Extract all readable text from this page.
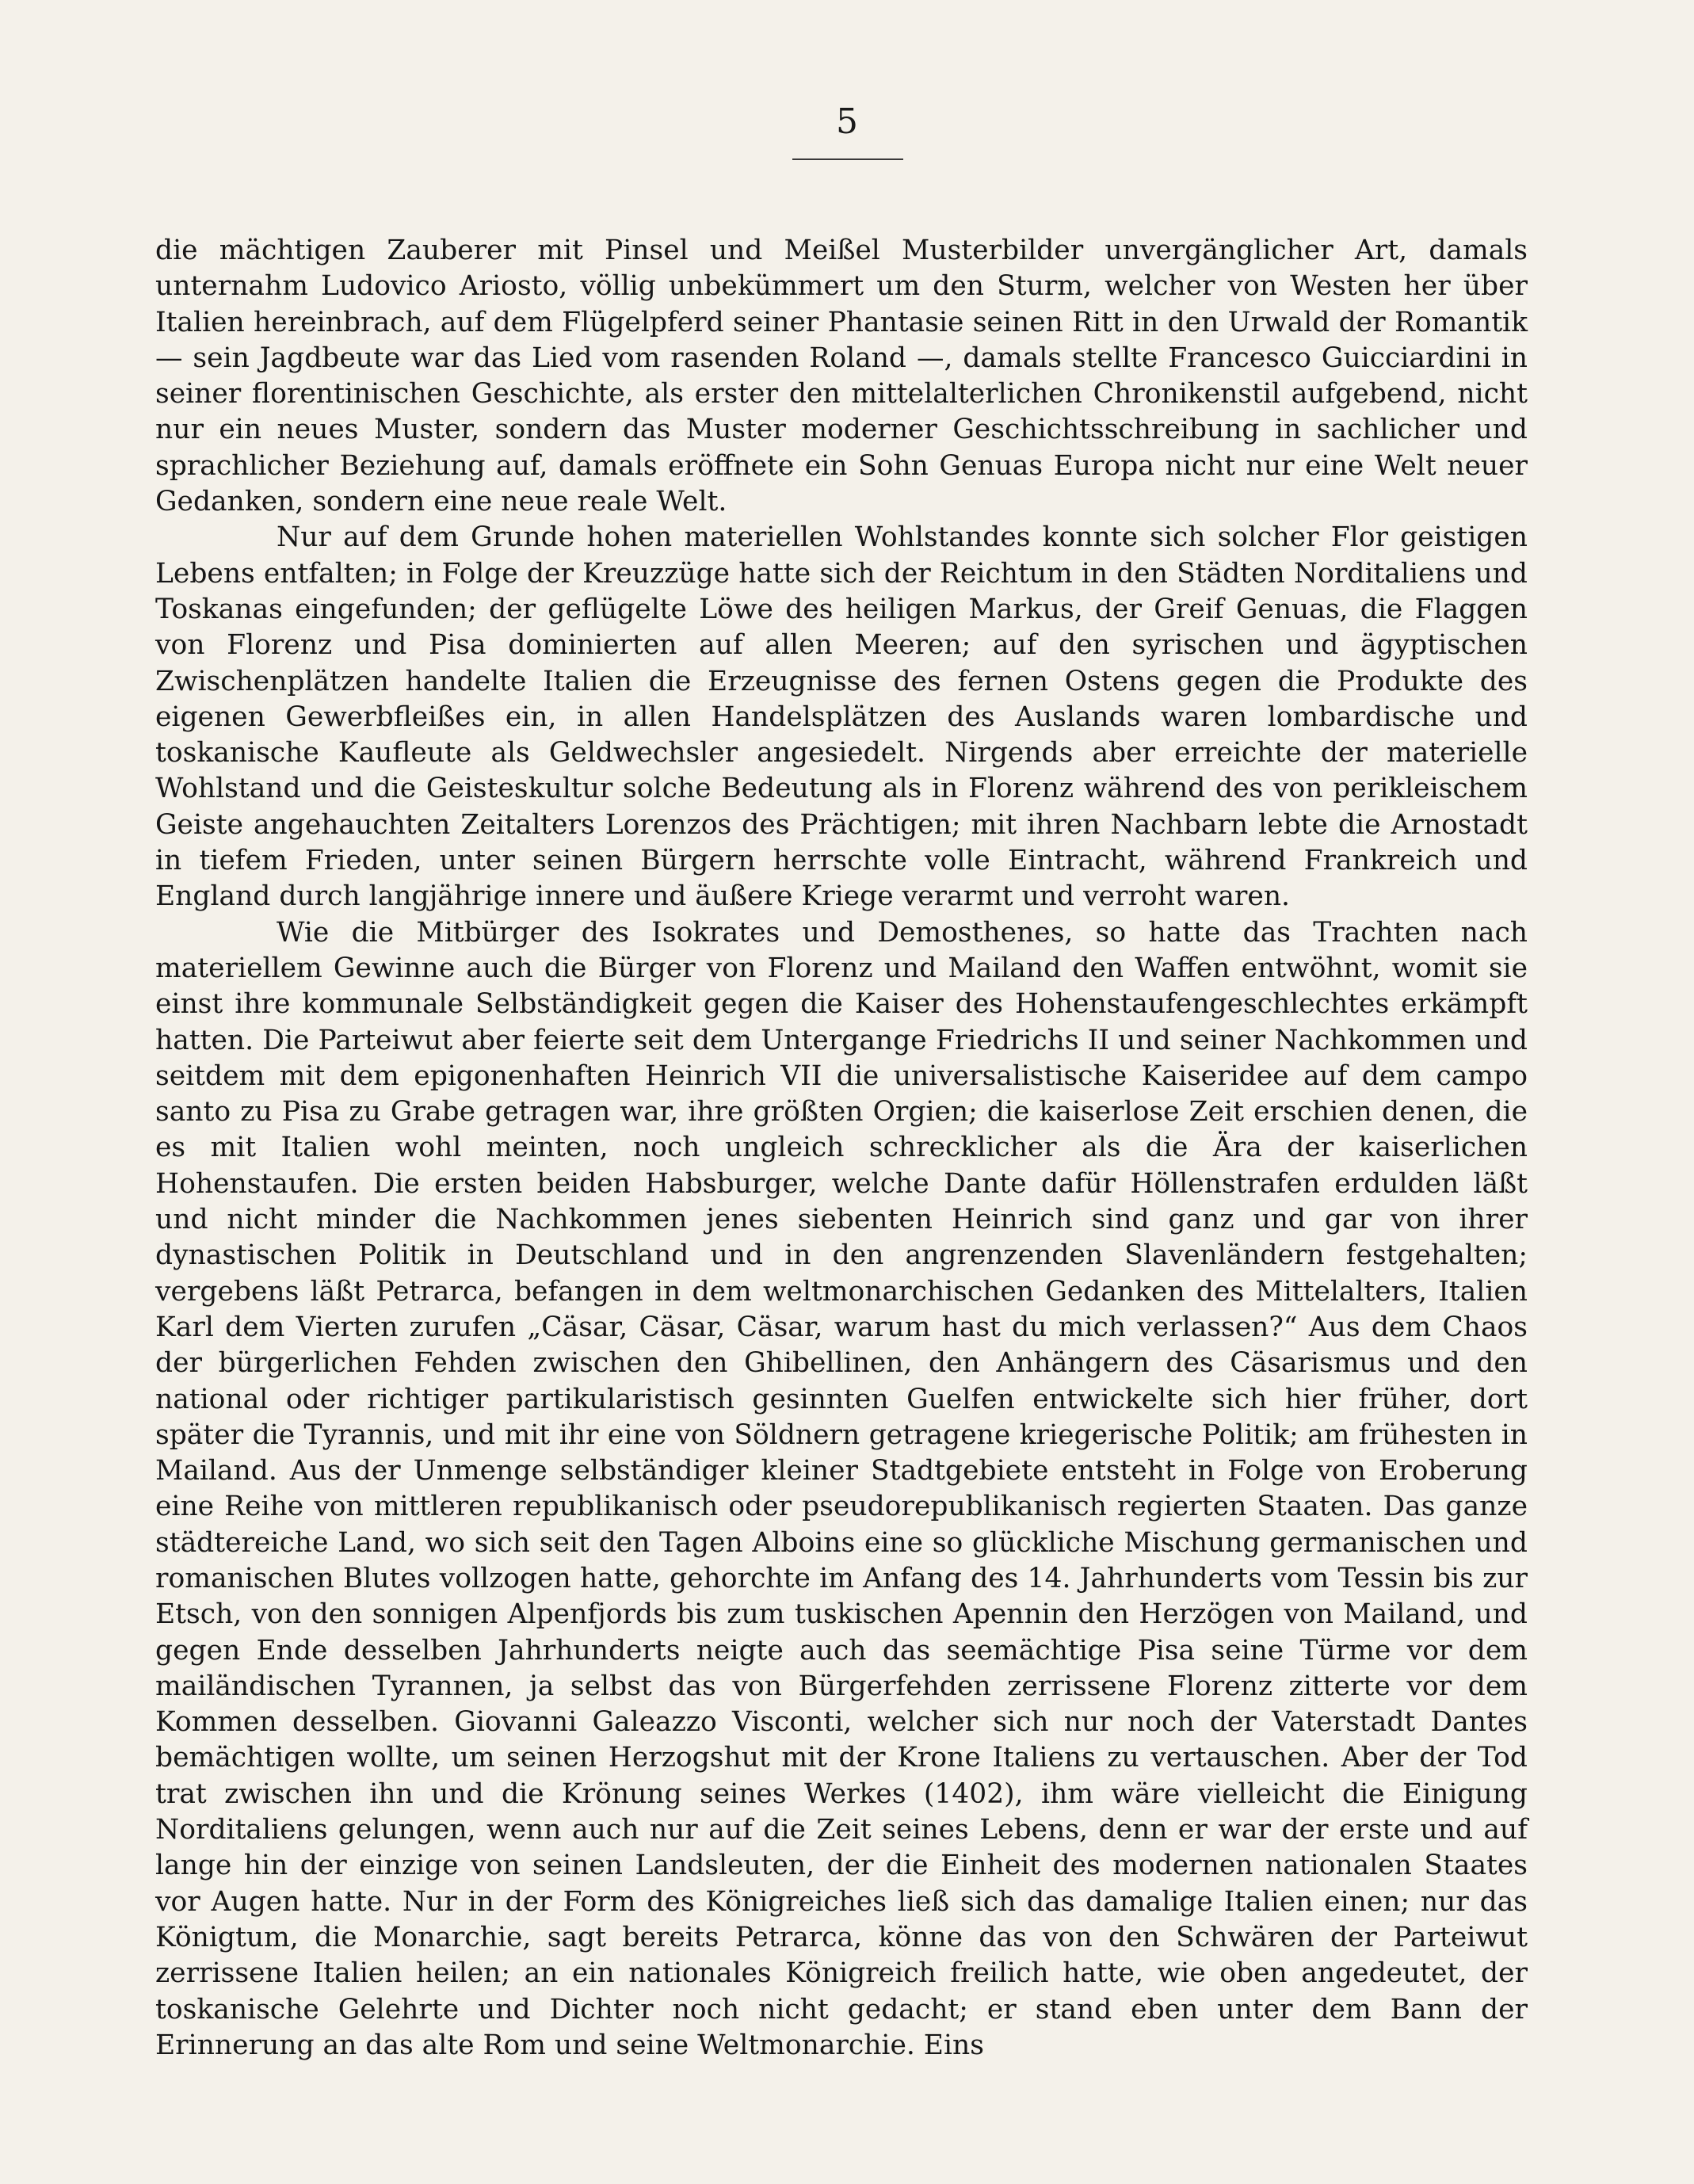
5

die mächtigen Zauberer mit Pinsel und Meißel Musterbilder unvergänglicher Art, damals unternahm Ludovico Ariosto, völlig unbekümmert um den Sturm, welcher von Westen her über Italien hereinbrach, auf dem Flügelpferd seiner Phantasie seinen Ritt in den Urwald der Romantik — sein Jagdbeute war das Lied vom rasenden Roland —, damals stellte Francesco Guicciardini in seiner florentinischen Geschichte, als erster den mittelalterlichen Chronikenstil aufgebend, nicht nur ein neues Muster, sondern das Muster moderner Geschichtsschreibung in sachlicher und sprachlicher Beziehung auf, damals eröffnete ein Sohn Genuas Europa nicht nur eine Welt neuer Gedanken, sondern eine neue reale Welt.

Nur auf dem Grunde hohen materiellen Wohlstandes konnte sich solcher Flor geistigen Lebens entfalten; in Folge der Kreuzzüge hatte sich der Reichtum in den Städten Norditaliens und Toskanas eingefunden; der geflügelte Löwe des heiligen Markus, der Greif Genuas, die Flaggen von Florenz und Pisa dominierten auf allen Meeren; auf den syrischen und ägyptischen Zwischenplätzen handelte Italien die Erzeugnisse des fernen Ostens gegen die Produkte des eigenen Gewerbfleißes ein, in allen Handelsplätzen des Auslands waren lombardische und toskanische Kaufleute als Geldwechsler angesiedelt. Nirgends aber erreichte der materielle Wohlstand und die Geisteskultur solche Bedeutung als in Florenz während des von perikleischem Geiste angehauchten Zeitalters Lorenzos des Prächtigen; mit ihren Nachbarn lebte die Arnostadt in tiefem Frieden, unter seinen Bürgern herrschte volle Eintracht, während Frankreich und England durch langjährige innere und äußere Kriege verarmt und verroht waren.

Wie die Mitbürger des Isokrates und Demosthenes, so hatte das Trachten nach materiellem Gewinne auch die Bürger von Florenz und Mailand den Waffen entwöhnt, womit sie einst ihre kommunale Selbständigkeit gegen die Kaiser des Hohenstaufengeschlechtes erkämpft hatten. Die Parteiwut aber feierte seit dem Untergange Friedrichs II und seiner Nachkommen und seitdem mit dem epigonenhaften Heinrich VII die universalistische Kaiseridee auf dem campo santo zu Pisa zu Grabe getragen war, ihre größten Orgien; die kaiserlose Zeit erschien denen, die es mit Italien wohl meinten, noch ungleich schrecklicher als die Ära der kaiserlichen Hohenstaufen. Die ersten beiden Habsburger, welche Dante dafür Höllenstrafen erdulden läßt und nicht minder die Nachkommen jenes siebenten Heinrich sind ganz und gar von ihrer dynastischen Politik in Deutschland und in den angrenzenden Slavenländern festgehalten; vergebens läßt Petrarca, befangen in dem weltmonarchischen Gedanken des Mittelalters, Italien Karl dem Vierten zurufen „Cäsar, Cäsar, Cäsar, warum hast du mich verlassen?“ Aus dem Chaos der bürgerlichen Fehden zwischen den Ghibellinen, den Anhängern des Cäsarismus und den national oder richtiger partikularistisch gesinnten Guelfen entwickelte sich hier früher, dort später die Tyrannis, und mit ihr eine von Söldnern getragene kriegerische Politik; am frühesten in Mailand. Aus der Unmenge selbständiger kleiner Stadtgebiete entsteht in Folge von Eroberung eine Reihe von mittleren republikanisch oder pseudorepublikanisch regierten Staaten. Das ganze städtereiche Land, wo sich seit den Tagen Alboins eine so glückliche Mischung germanischen und romanischen Blutes vollzogen hatte, gehorchte im Anfang des 14. Jahrhunderts vom Tessin bis zur Etsch, von den sonnigen Alpenfjords bis zum tuskischen Apennin den Herzögen von Mailand, und gegen Ende desselben Jahrhunderts neigte auch das seemächtige Pisa seine Türme vor dem mailändischen Tyrannen, ja selbst das von Bürgerfehden zerrissene Florenz zitterte vor dem Kommen desselben. Giovanni Galeazzo Visconti, welcher sich nur noch der Vaterstadt Dantes bemächtigen wollte, um seinen Herzogshut mit der Krone Italiens zu vertauschen. Aber der Tod trat zwischen ihn und die Krönung seines Werkes (1402), ihm wäre vielleicht die Einigung Norditaliens gelungen, wenn auch nur auf die Zeit seines Lebens, denn er war der erste und auf lange hin der einzige von seinen Landsleuten, der die Einheit des modernen nationalen Staates vor Augen hatte. Nur in der Form des Königreiches ließ sich das damalige Italien einen; nur das Königtum, die Monarchie, sagt bereits Petrarca, könne das von den Schwären der Parteiwut zerrissene Italien heilen; an ein nationales Königreich freilich hatte, wie oben angedeutet, der toskanische Gelehrte und Dichter noch nicht gedacht; er stand eben unter dem Bann der Erinnerung an das alte Rom und seine Weltmonarchie. Eins
